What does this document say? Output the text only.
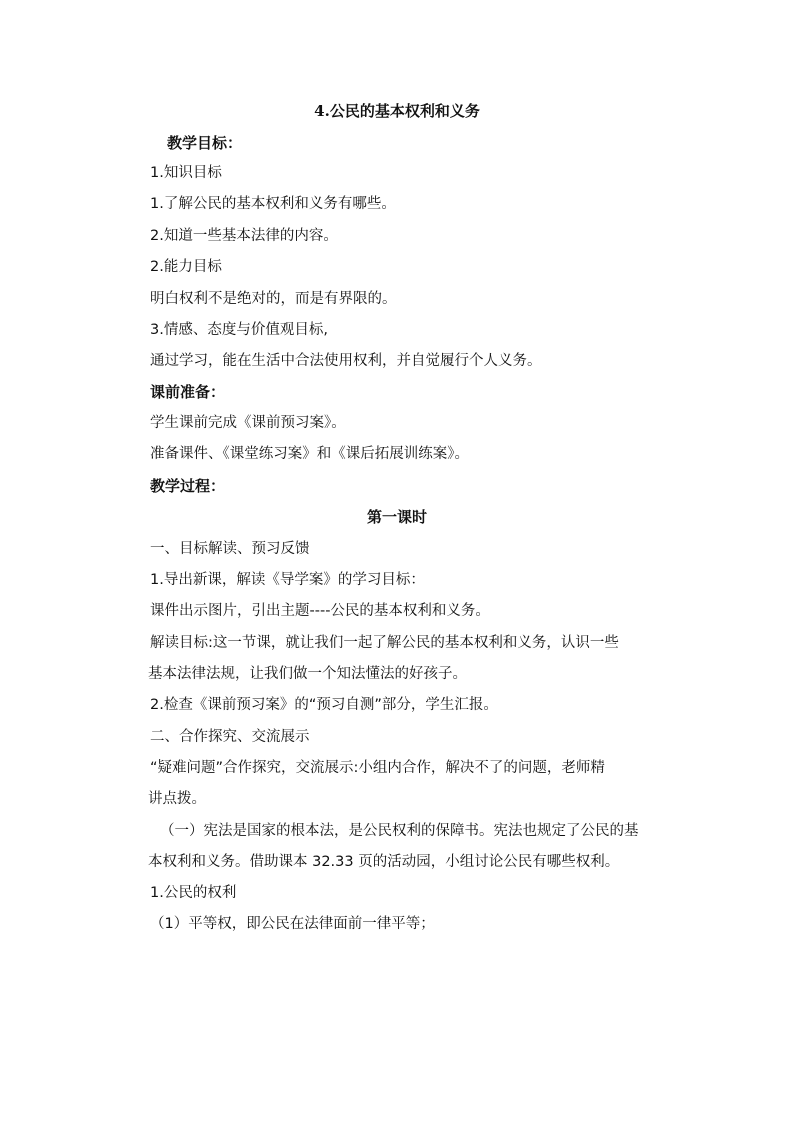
4.公民的基本权利和义务
教学目标：
1.知识目标
1.了解公民的基本权利和义务有哪些。
2.知道一些基本法律的内容。
2.能力目标
明白权利不是绝对的，而是有界限的。
3.情感、态度与价值观目标,
通过学习，能在生活中合法使用权利，并自觉履行个人义务。
课前准备：
学生课前完成《课前预习案》。
准备课件、《课堂练习案》和《课后拓展训练案》。
教学过程：
第一课时
一、目标解读、预习反馈
1.导出新课，解读《导学案》的学习目标：
课件出示图片，引出主题----公民的基本权利和义务。
解读目标:这一节课，就让我们一起了解公民的基本权利和义务，认识一些
基本法律法规，让我们做一个知法懂法的好孩子。
2.检查《课前预习案》的“预习自测”部分，学生汇报。
二、合作探究、交流展示
“疑难问题”合作探究，交流展示:小组内合作，解决不了的问题，老师精
讲点拨。
（一）宪法是国家的根本法，是公民权利的保障书。宪法也规定了公民的基
本权利和义务。借助课本 32.33 页的活动园，小组讨论公民有哪些权利。
1.公民的权利
（1）平等权，即公民在法律面前一律平等；
